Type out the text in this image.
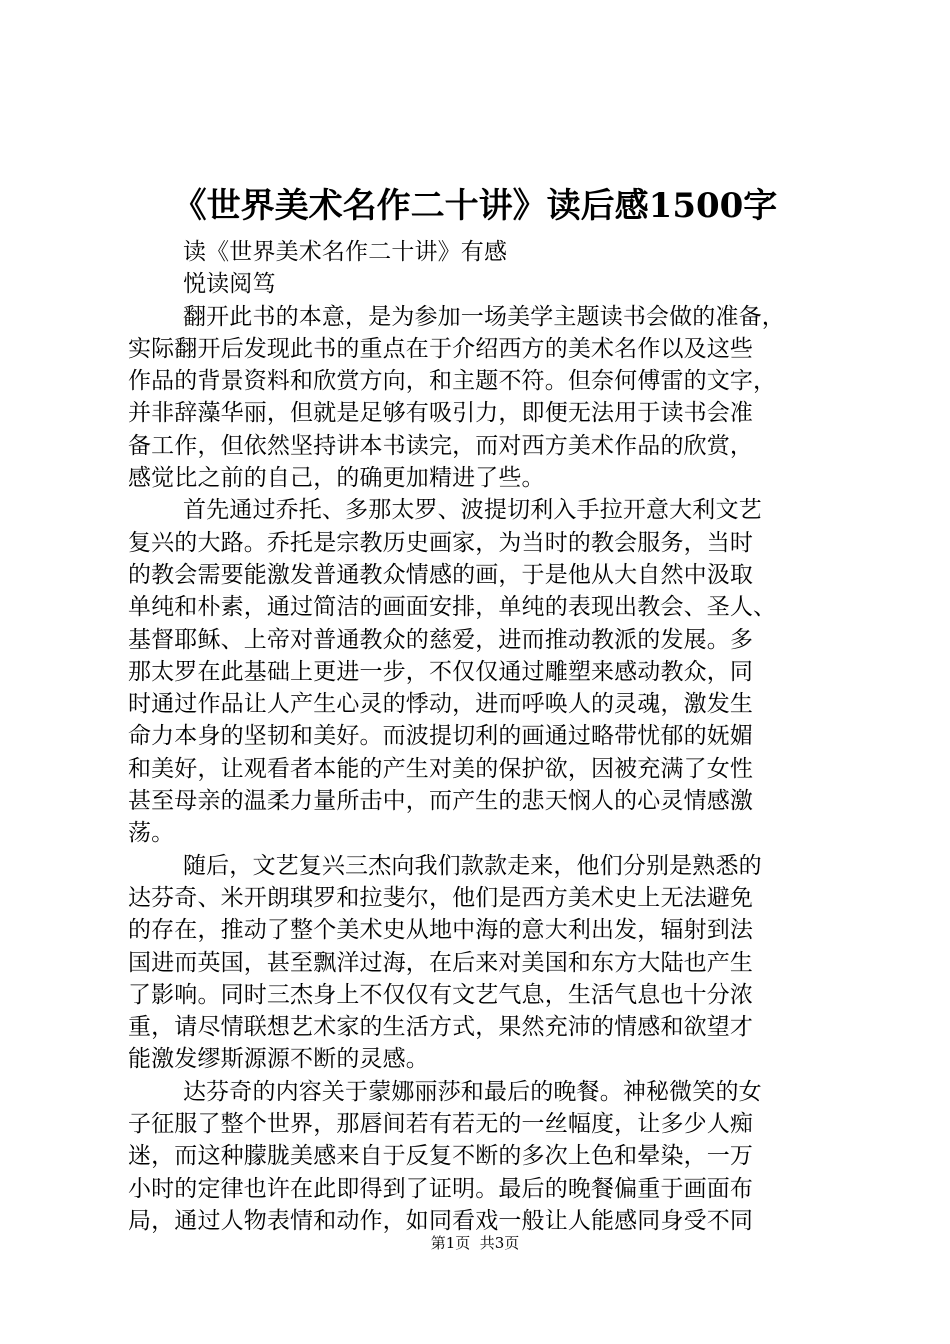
《世界美术名作二十讲》读后感1500字
读《世界美术名作二十讲》有感
悦读阅笃
翻开此书的本意，是为参加一场美学主题读书会做的准备，
实际翻开后发现此书的重点在于介绍西方的美术名作以及这些
作品的背景资料和欣赏方向，和主题不符。但奈何傅雷的文字，
并非辞藻华丽，但就是足够有吸引力，即便无法用于读书会准
备工作，但依然坚持讲本书读完，而对西方美术作品的欣赏，
感觉比之前的自己，的确更加精进了些。
首先通过乔托、多那太罗、波提切利入手拉开意大利文艺
复兴的大路。乔托是宗教历史画家，为当时的教会服务，当时
的教会需要能激发普通教众情感的画，于是他从大自然中汲取
单纯和朴素，通过简洁的画面安排，单纯的表现出教会、圣人、
基督耶稣、上帝对普通教众的慈爱，进而推动教派的发展。多
那太罗在此基础上更进一步，不仅仅通过雕塑来感动教众，同
时通过作品让人产生心灵的悸动，进而呼唤人的灵魂，激发生
命力本身的坚韧和美好。而波提切利的画通过略带忧郁的妩媚
和美好，让观看者本能的产生对美的保护欲，因被充满了女性
甚至母亲的温柔力量所击中，而产生的悲天悯人的心灵情感激
荡。
随后，文艺复兴三杰向我们款款走来，他们分别是熟悉的
达芬奇、米开朗琪罗和拉斐尔，他们是西方美术史上无法避免
的存在，推动了整个美术史从地中海的意大利出发，辐射到法
国进而英国，甚至飘洋过海，在后来对美国和东方大陆也产生
了影响。同时三杰身上不仅仅有文艺气息，生活气息也十分浓
重，请尽情联想艺术家的生活方式，果然充沛的情感和欲望才
能激发缪斯源源不断的灵感。
达芬奇的内容关于蒙娜丽莎和最后的晚餐。神秘微笑的女
子征服了整个世界，那唇间若有若无的一丝幅度，让多少人痴
迷，而这种朦胧美感来自于反复不断的多次上色和晕染，一万
小时的定律也许在此即得到了证明。最后的晚餐偏重于画面布
局，通过人物表情和动作，如同看戏一般让人能感同身受不同
第1页  共3页
